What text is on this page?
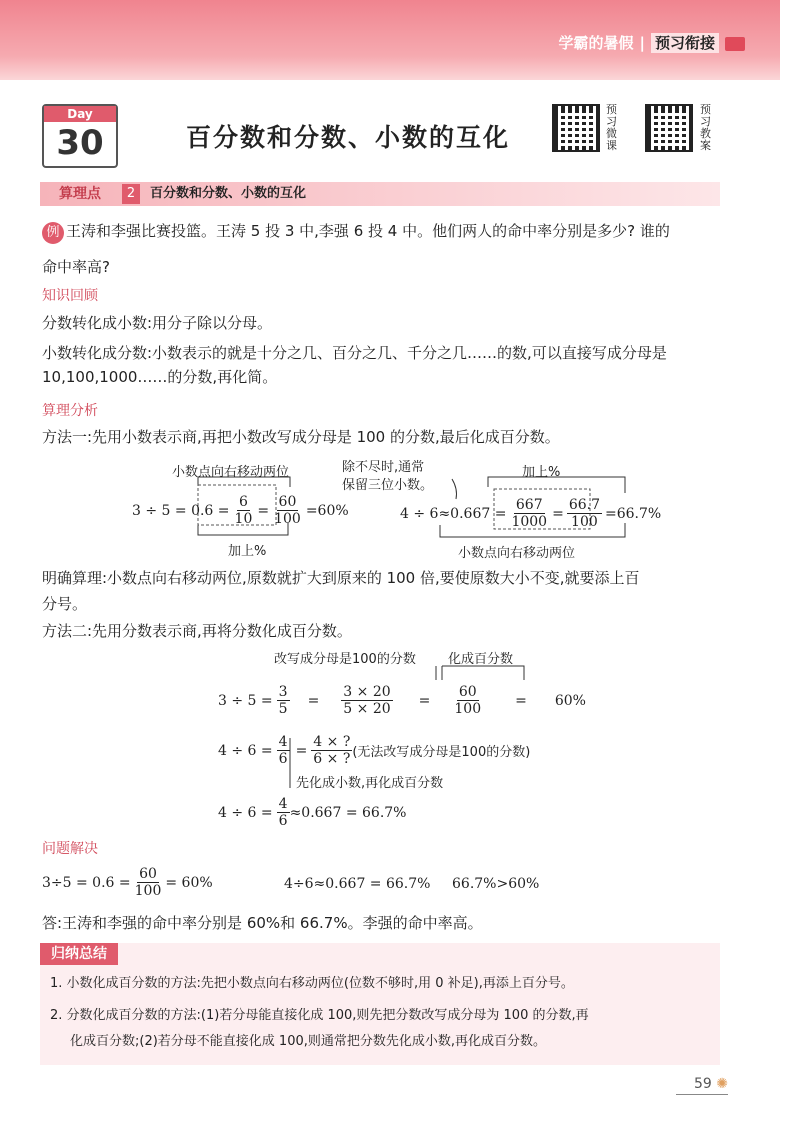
学霸的暑假 | 预习衔接
Day
30	百分数和分数、小数的互化
预习微课
预习教案
算理点	2	百分数和分数、小数的互化
例 王涛和李强比赛投篮。王涛 5 投 3 中,李强 6 投 4 中。他们两人的命中率分别是多少? 谁的
命中率高?
知识回顾
分数转化成小数:用分子除以分母。
小数转化成分数:小数表示的就是十分之几、百分之几、千分之几……的数,可以直接写成分母是
10,100,1000……的分数,再化简。
算理分析
方法一:先用小数表示商,再把小数改写成分母是 100 的分数,最后化成百分数。
小数点向右移动两位
$3 \div 5 = 0.6 = \frac{6}{10} = \frac{60}{100} =60\%$
加上%
除不尽时,通常
保留三位小数。
加上%
$4 \div 6\approx 0.667 = \frac{667}{1000} = \frac{66.7}{100} =66.7\%$
小数点向右移动两位
明确算理:小数点向右移动两位,原数就扩大到原来的 100 倍,要使原数大小不变,就要添上百
分号。
方法二:先用分数表示商,再将分数化成百分数。
改写成分母是100的分数 化成百分数
$3 \div 5 = \frac{3}{5} = \frac{3 \times 20}{5 \times 20} = \frac{60}{100} = 60\%$
$4 \div 6 = \frac{4}{6} = \frac{4 \times ?}{6 \times ?}$ (无法改写成分母是100的分数)
先化成小数,再化成百分数
$4 \div 6 = \frac{4}{6} \approx 0.667 = 66.7\%$
问题解决
$3\div 5 = 0.6 = \frac{60}{100} = 60\%$	4÷6≈0.667 = 66.7% 66.7%>60%
答:王涛和李强的命中率分别是 60%和 66.7%。李强的命中率高。
归纳总结
1. 小数化成百分数的方法:先把小数点向右移动两位(位数不够时,用 0 补足),再添上百分号。
2. 分数化成百分数的方法:(1)若分母能直接化成 100,则先把分数改写成分母为 100 的分数,再
化成百分数;(2)若分母不能直接化成 100,则通常把分数先化成小数,再化成百分数。
59 ✺
